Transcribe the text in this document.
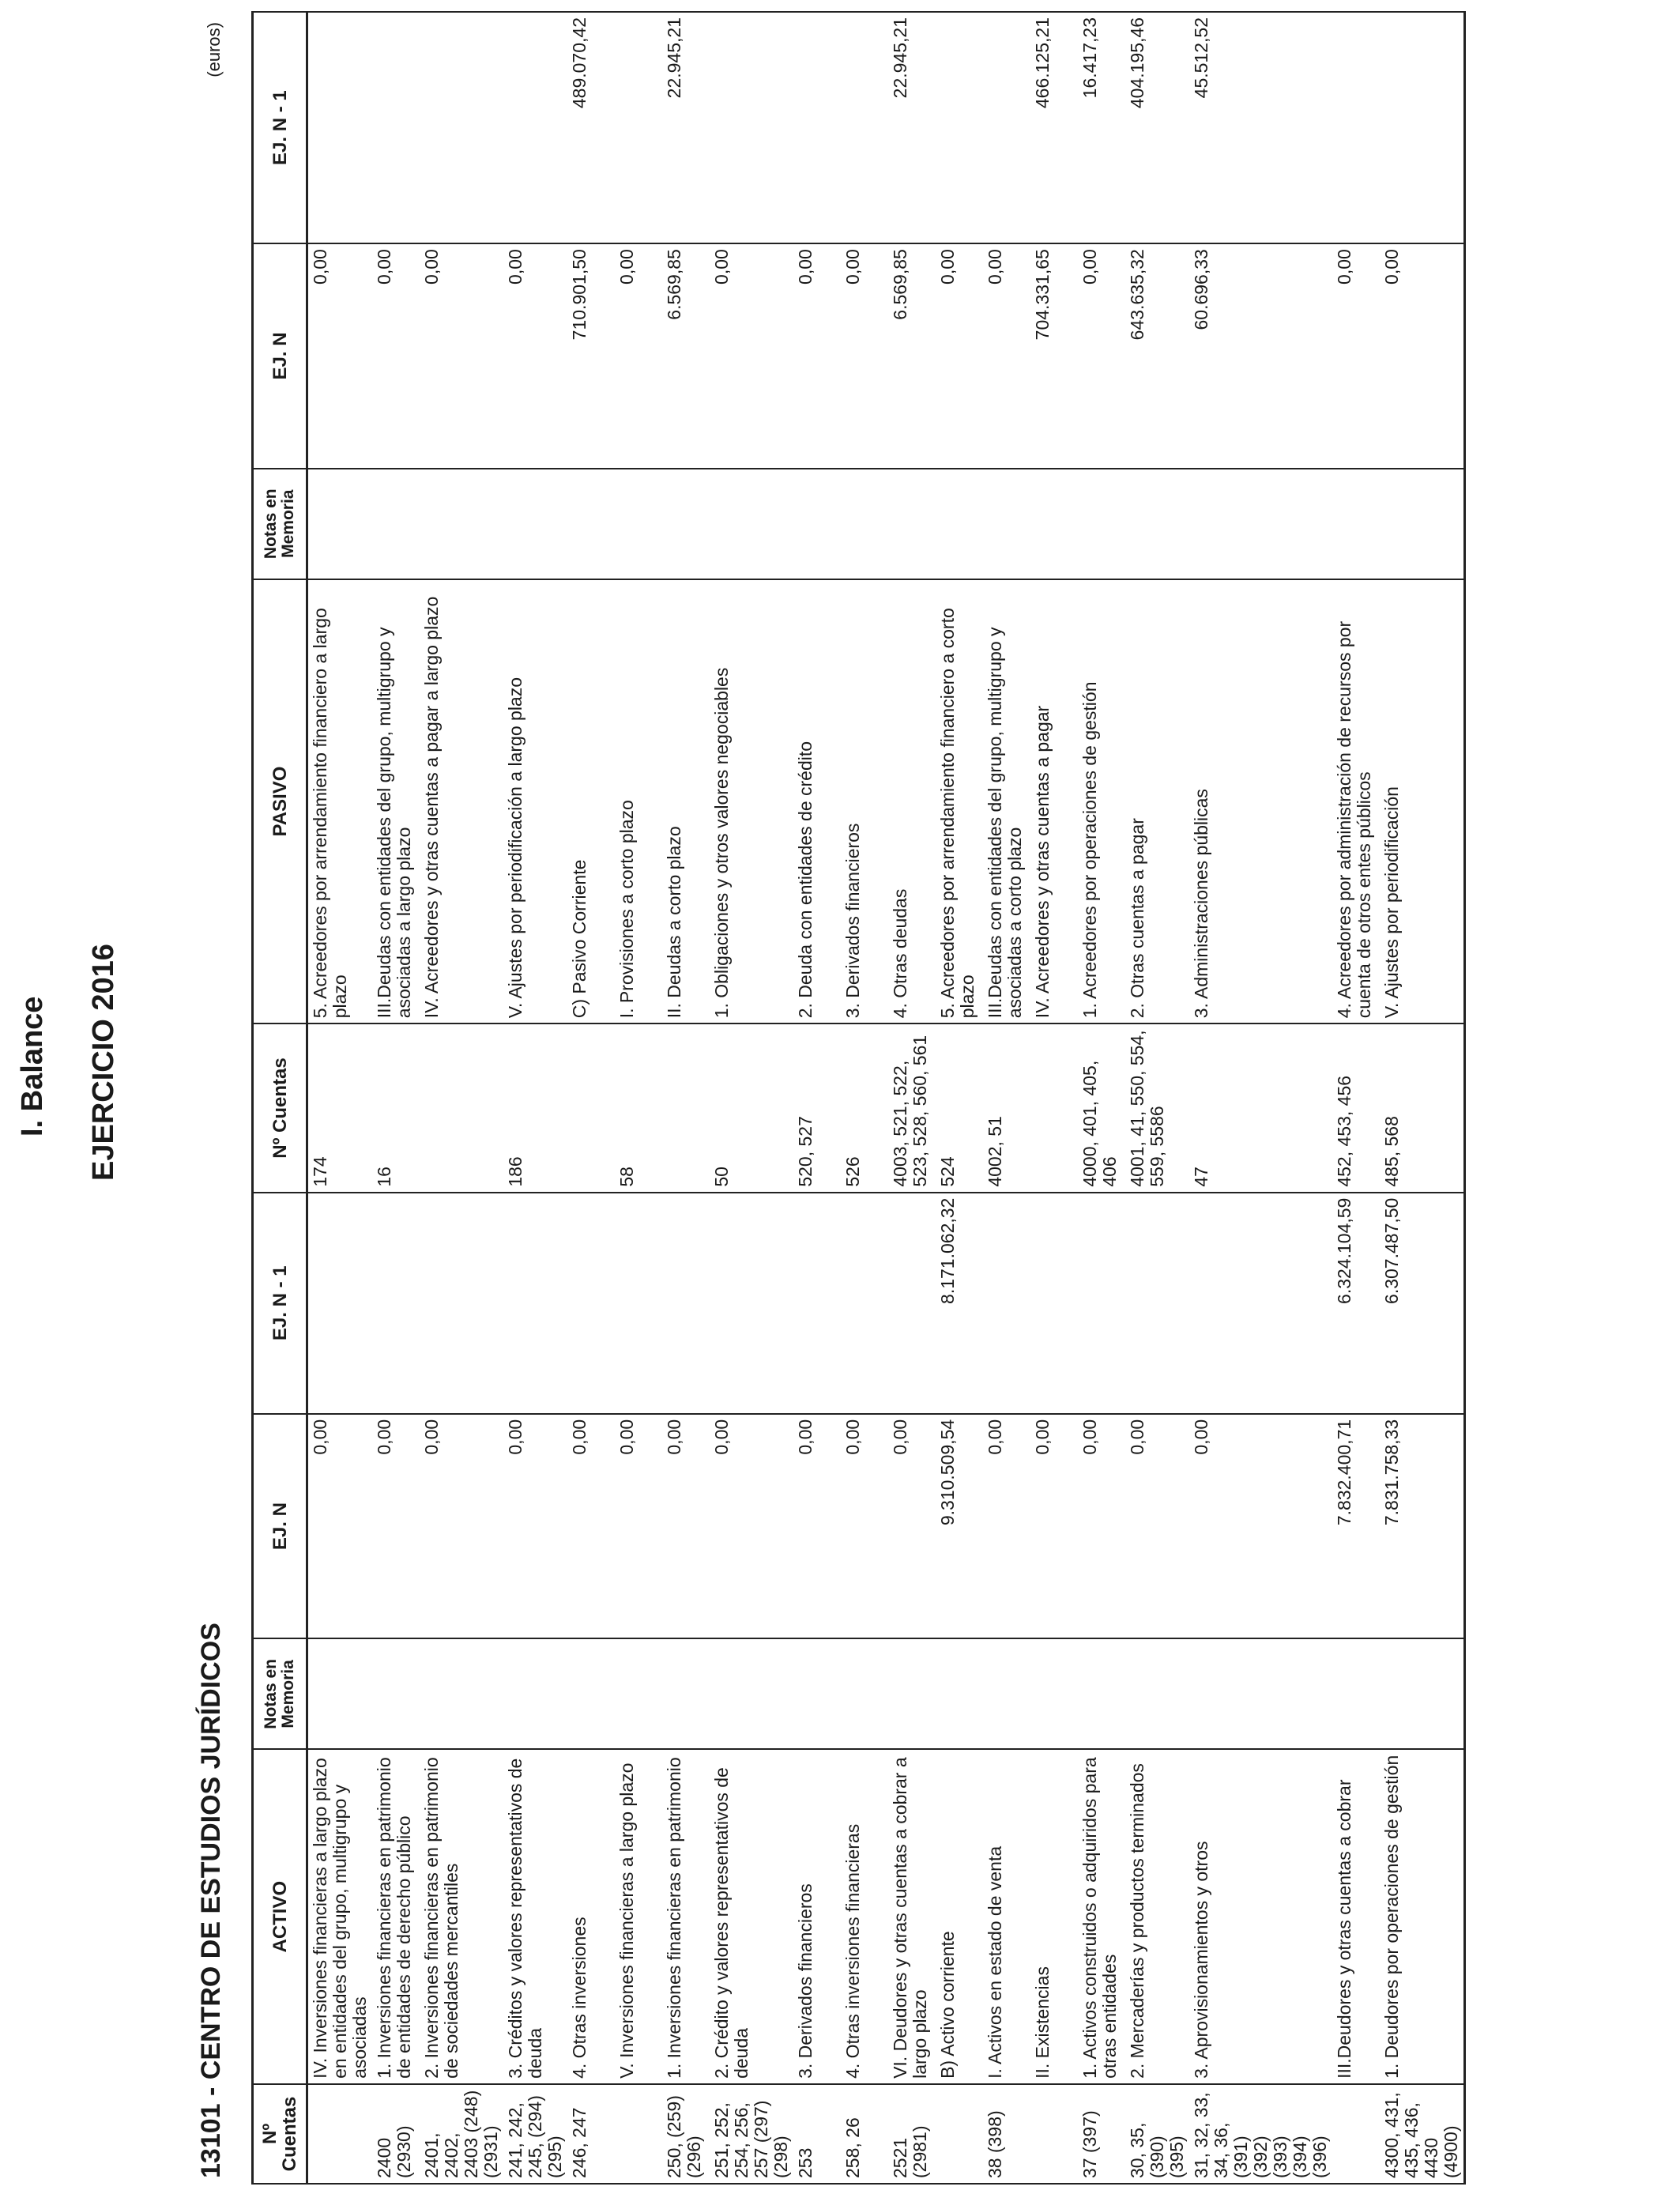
I. Balance EJERCICIO 2016
13101 - CENTRO DE ESTUDIOS JURÍDICOS
(euros)
Nº Cuentas	ACTIVO	Notas en Memoria	EJ. N	EJ. N - 1	Nº Cuentas	PASIVO	Notas en Memoria	EJ. N	EJ. N - 1
	IV. Inversiones financieras a largo plazo en entidades del grupo, multigrupo y asociadas		0,00		174	5. Acreedores por arrendamiento financiero a largo plazo		0,00	
2400 (2930)	1. Inversiones financieras en patrimonio de entidades de derecho público		0,00		16	III.Deudas con entidades del grupo, multigrupo y asociadas a largo plazo		0,00	
2401, 2402, 2403 (248) (2931)	2. Inversiones financieras en patrimonio de sociedades mercantiles		0,00			IV. Acreedores y otras cuentas a pagar a largo plazo		0,00	
241, 242, 245, (294) (295)	3. Créditos y valores representativos de deuda		0,00		186	V. Ajustes por periodificación a largo plazo		0,00	
246, 247	4. Otras inversiones		0,00			C) Pasivo Corriente		710.901,50	489.070,42
	V. Inversiones financieras a largo plazo		0,00		58	I. Provisiones a corto plazo		0,00	
250, (259) (296)	1. Inversiones financieras en patrimonio		0,00			II. Deudas a corto plazo		6.569,85	22.945,21
251, 252, 254, 256, 257 (297) (298)	2. Crédito y valores representativos de deuda		0,00		50	1. Obligaciones y otros valores negociables		0,00	
253	3. Derivados financieros		0,00		520, 527	2. Deuda con entidades de crédito		0,00	
258, 26	4. Otras inversiones financieras		0,00		526	3. Derivados financieros		0,00	
2521 (2981)	VI. Deudores y otras cuentas a cobrar a largo plazo		0,00		4003, 521, 522, 523, 528, 560, 561	4. Otras deudas		6.569,85	22.945,21
	B) Activo corriente		9.310.509,54	8.171.062,32	524	5. Acreedores por arrendamiento financiero a corto plazo		0,00	
38 (398)	I. Activos en estado de venta		0,00		4002, 51	III.Deudas con entidades del grupo, multigrupo y asociadas a corto plazo		0,00	
	II. Existencias		0,00			IV. Acreedores y otras cuentas a pagar		704.331,65	466.125,21
37 (397)	1. Activos construidos o adquiridos para otras entidades		0,00		4000, 401, 405, 406	1. Acreedores por operaciones de gestión		0,00	16.417,23
30, 35, (390) (395)	2. Mercaderías y productos terminados		0,00		4001, 41, 550, 554, 559, 5586	2. Otras cuentas a pagar		643.635,32	404.195,46
31, 32, 33, 34, 36, (391) (392) (393) (394) (396)	3. Aprovisionamientos y otros		0,00		47	3. Administraciones públicas		60.696,33	45.512,52
	III.Deudores y otras cuentas a cobrar		7.832.400,71	6.324.104,59	452, 453, 456	4. Acreedores por administración de recursos por cuenta de otros entes públicos		0,00	
4300, 431, 435, 436, 4430 (4900)	1. Deudores por operaciones de gestión		7.831.758,33	6.307.487,50	485, 568	V. Ajustes por periodificación		0,00	
